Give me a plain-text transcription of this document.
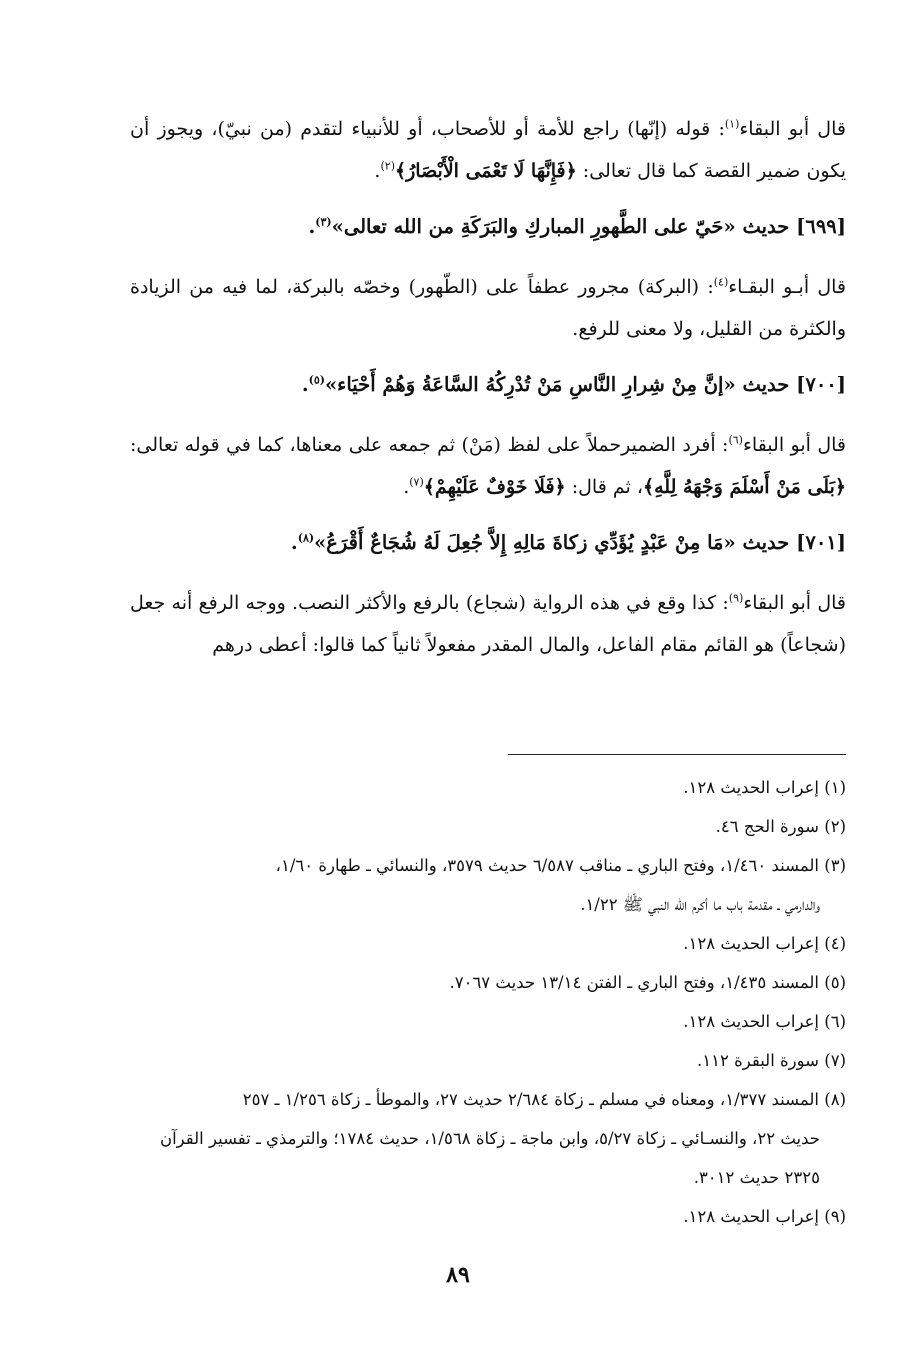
قال أبو البقاء$^{(١)}$: قوله (إنّها) راجع للأمة أو للأصحاب، أو للأنبياء لتقدم (من نبيّ)، ويجوز أن يكون ضمير القصة كما قال تعالى: ﴿فَإِنَّهَا لَا تَعْمَى الْأَبْصَارُ﴾$^{(٢)}$.

[٦٩٩] حديث «حَيّ على الطَّهورِ المباركِ والبَرَكَةِ من الله تعالى»$^{(٣)}$.

قال أبـو البقـاء$^{(٤)}$: (البركة) مجرور عطفاً على (الطّهور) وخصّه بالبركة، لما فيه من الزيادة والكثرة من القليل، ولا معنى للرفع.

[٧٠٠] حديث «إنَّ مِنْ شِرارِ النَّاسِ مَنْ تُدْرِكُهُ السَّاعَةُ وَهُمْ أَحْيَاء»$^{(٥)}$.

قال أبو البقاء$^{(٦)}$: أفرد الضميرحملاً على لفظ (مَنْ) ثم جمعه على معناها، كما في قوله تعالى: ﴿بَلَى مَنْ أَسْلَمَ وَجْهَهُ لِلَّهِ﴾، ثم قال: ﴿فَلَا خَوْفٌ عَلَيْهِمْ﴾$^{(٧)}$.

[٧٠١] حديث «مَا مِنْ عَبْدٍ يُؤَدِّي زكاةَ مَالِهِ إِلاَّ جُعِلَ لَهُ شُجَاعٌ أَقْرَعُ»$^{(٨)}$.

قال أبو البقاء$^{(٩)}$: كذا وقع في هذه الرواية (شجاع) بالرفع والأكثر النصب. ووجه الرفع أنه جعل (شجاعاً) هو القائم مقام الفاعل، والمال المقدر مفعولاً ثانياً كما قالوا: أعطى درهم

(١) إعراب الحديث ١٢٨.

(٢) سورة الحج ٤٦.

(٣) المسند ١/٤٦٠، وفتح الباري ـ مناقب ٦/٥٨٧ حديث ٣٥٧٩، والنسائي ـ طهارة ١/٦٠،
والدارمي ـ مقدمة باب ما أكرم الله النبي ﷺ ١/٢٢.

(٤) إعراب الحديث ١٢٨.

(٥) المسند ١/٤٣٥، وفتح الباري ـ الفتن ١٣/١٤ حديث ٧٠٦٧.

(٦) إعراب الحديث ١٢٨.

(٧) سورة البقرة ١١٢.

(٨) المسند ١/٣٧٧، ومعناه في مسلم ـ زكاة ٢/٦٨٤ حديث ٢٧، والموطأ ـ زكاة ١/٢٥٦ ـ ٢٥٧
حديث ٢٢، والنسـائي ـ زكاة ٥/٢٧، وابن ماجة ـ زكاة ١/٥٦٨، حديث ١٧٨٤؛ والترمذي ـ تفسير القرآن ٢٣٢٥ حديث ٣٠١٢.

(٩) إعراب الحديث ١٢٨.

٨٩
